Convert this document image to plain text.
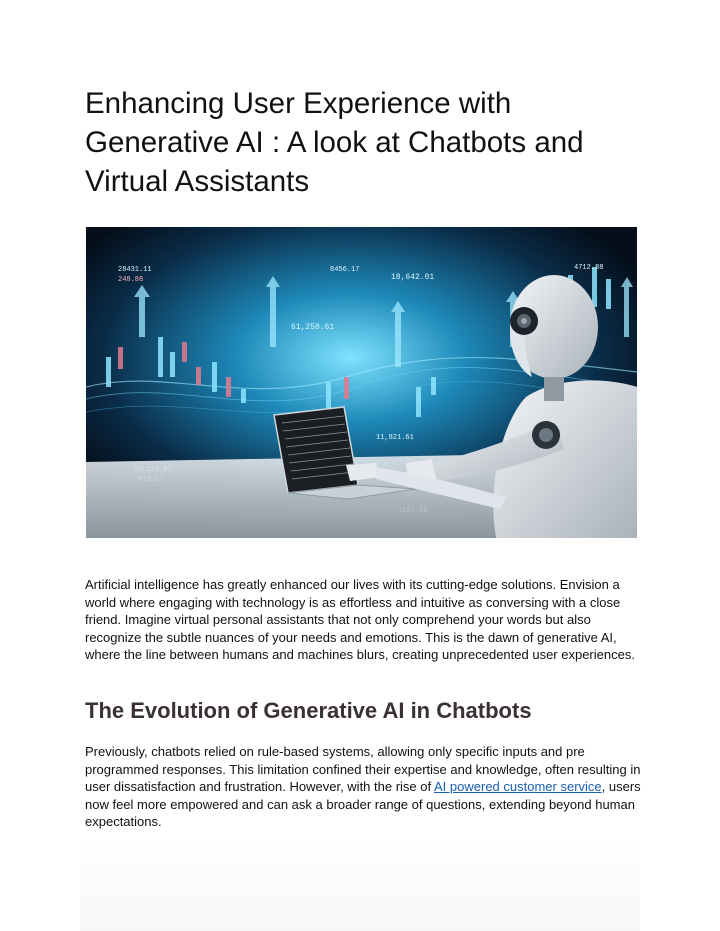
Enhancing User Experience with Generative AI : A look at Chatbots and Virtual Assistants
28431.11
248.88
8456.17
18,642.01
4712.88
61,250.61
11,821.61

Artificial intelligence has greatly enhanced our lives with its cutting-edge solutions. Envision a world where engaging with technology is as effortless and intuitive as conversing with a close friend. Imagine virtual personal assistants that not only comprehend your words but also recognize the subtle nuances of your needs and emotions. This is the dawn of generative AI, where the line between humans and machines blurs, creating unprecedented user experiences.

The Evolution of Generative AI in Chatbots

Previously, chatbots relied on rule-based systems, allowing only specific inputs and pre programmed responses. This limitation confined their expertise and knowledge, often resulting in user dissatisfaction and frustration. However, with the rise of AI powered customer service, users now feel more empowered and can ask a broader range of questions, extending beyond human expectations.
